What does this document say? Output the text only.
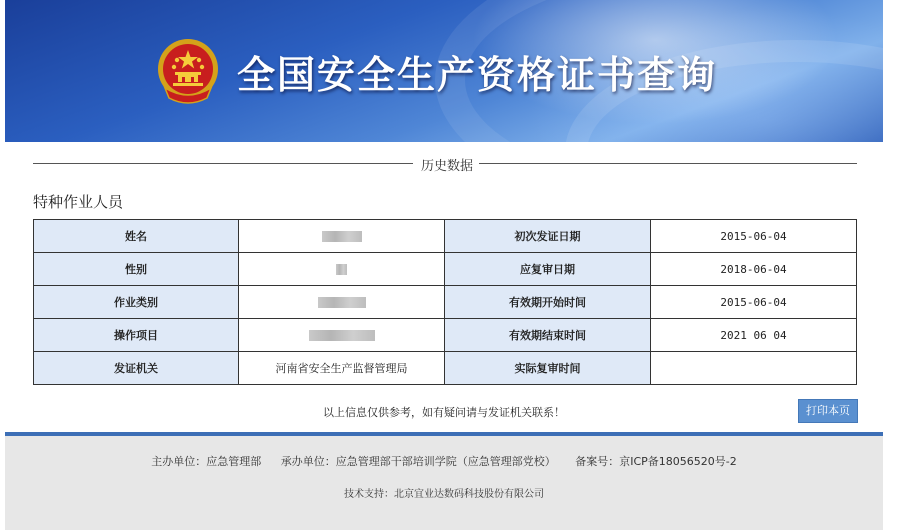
全国安全生产资格证书查询
历史数据
特种作业人员
姓名		初次发证日期	2015-06-04
性别		应复审日期	2018-06-04
作业类别		有效期开始时间	2015-06-04
操作项目		有效期结束时间	2021 06 04
发证机关	河南省安全生产监督管理局	实际复审时间	
以上信息仅供参考，如有疑问请与发证机关联系！	打印本页
主办单位：应急管理部 承办单位：应急管理部干部培训学院（应急管理部党校） 备案号：京ICP备18056520号-2
技术支持：北京宜业达数码科技股份有限公司
